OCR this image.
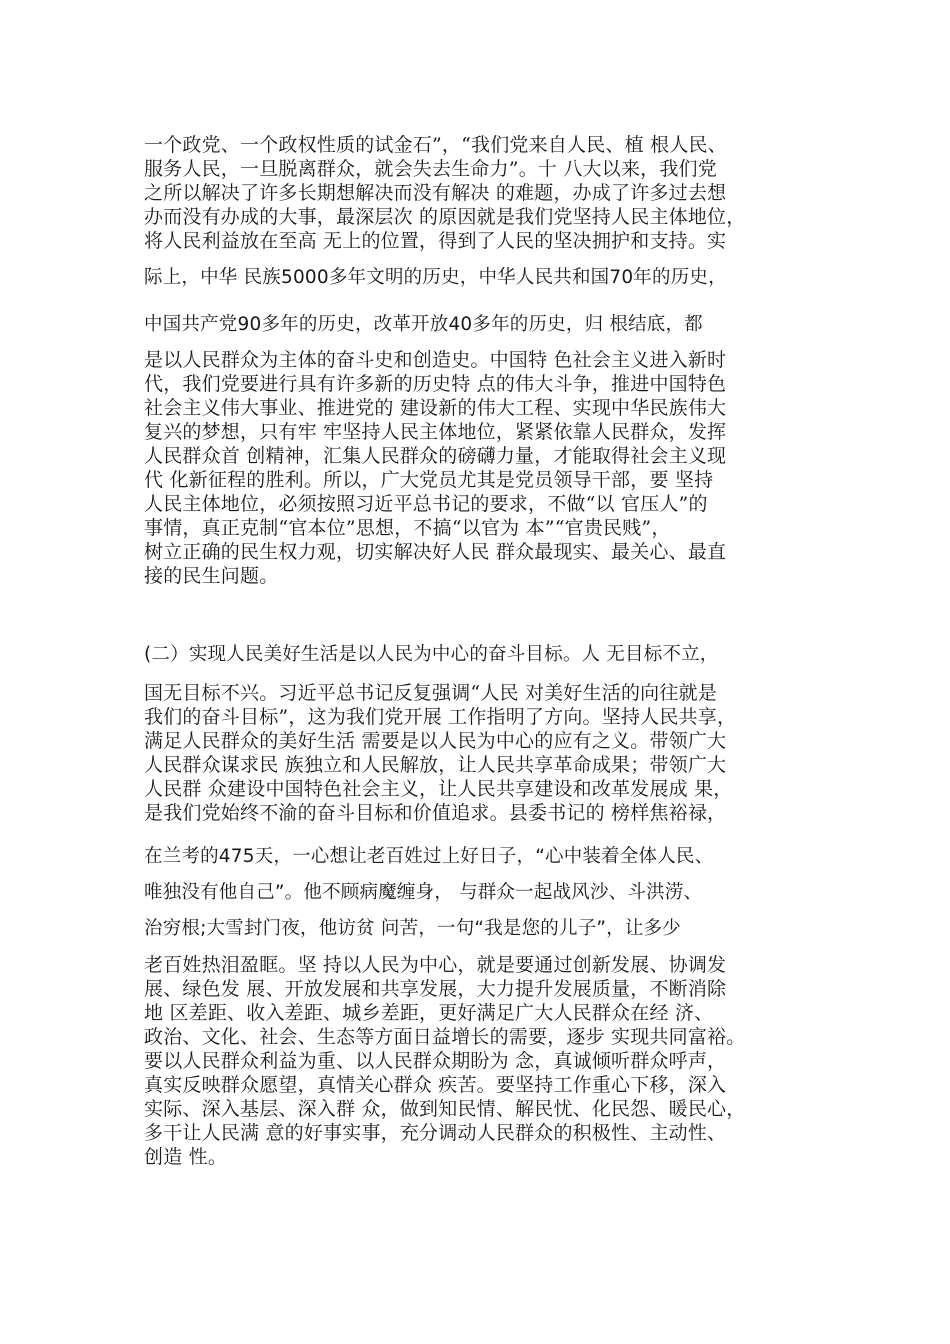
一个政党、一个政权性质的试金石”，“我们党来自人民、植 根人民、
服务人民，一旦脱离群众，就会失去生命力”。十 八大以来，我们党
之所以解决了许多长期想解决而没有解决 的难题，办成了许多过去想
办而没有办成的大事，最深层次 的原因就是我们党坚持人民主体地位，
将人民利益放在至高 无上的位置，得到了人民的坚决拥护和支持。实
际上，中华 民族5000多年文明的历史，中华人民共和国70年的历史，
中国共产党90多年的历史，改革开放40多年的历史，归 根结底，都
是以人民群众为主体的奋斗史和创造史。中国特 色社会主义进入新时
代，我们党要进行具有许多新的历史特 点的伟大斗争，推进中国特色
社会主义伟大事业、推进党的 建设新的伟大工程、实现中华民族伟大
复兴的梦想，只有牢 牢坚持人民主体地位，紧紧依靠人民群众，发挥
人民群众首 创精神，汇集人民群众的磅礴力量，才能取得社会主义现
代 化新征程的胜利。所以，广大党员尤其是党员领导干部，要 坚持
人民主体地位，必须按照习近平总书记的要求，不做“以 官压人”的
事情，真正克制“官本位”思想，不搞“以官为 本”“官贵民贱”，
树立正确的民生权力观，切实解决好人民 群众最现实、最关心、最直
接的民生问题。
(二）实现人民美好生活是以人民为中心的奋斗目标。人 无目标不立，
国无目标不兴。习近平总书记反复强调“人民 对美好生活的向往就是
我们的奋斗目标”，这为我们党开展 工作指明了方向。坚持人民共享，
满足人民群众的美好生活 需要是以人民为中心的应有之义。带领广大
人民群众谋求民 族独立和人民解放，让人民共享革命成果；带领广大
人民群 众建设中国特色社会主义，让人民共享建设和改革发展成 果，
是我们党始终不渝的奋斗目标和价值追求。县委书记的 榜样焦裕禄，
在兰考的475天，一心想让老百姓过上好日子，“心中装着全体人民、
唯独没有他自己”。他不顾病魔缠身， 与群众一起战风沙、斗洪涝、
治穷根;大雪封门夜，他访贫 问苦，一句“我是您的儿子”，让多少
老百姓热泪盈眶。坚 持以人民为中心，就是要通过创新发展、协调发
展、绿色发 展、开放发展和共享发展，大力提升发展质量，不断消除
地 区差距、收入差距、城乡差距，更好满足广大人民群众在经 济、
政治、文化、社会、生态等方面日益增长的需要，逐步 实现共同富裕。
要以人民群众利益为重、以人民群众期盼为 念，真诚倾听群众呼声，
真实反映群众愿望，真情关心群众 疾苦。要坚持工作重心下移，深入
实际、深入基层、深入群 众，做到知民情、解民忧、化民怨、暖民心，
多干让人民满 意的好事实事，充分调动人民群众的积极性、主动性、
创造 性。
